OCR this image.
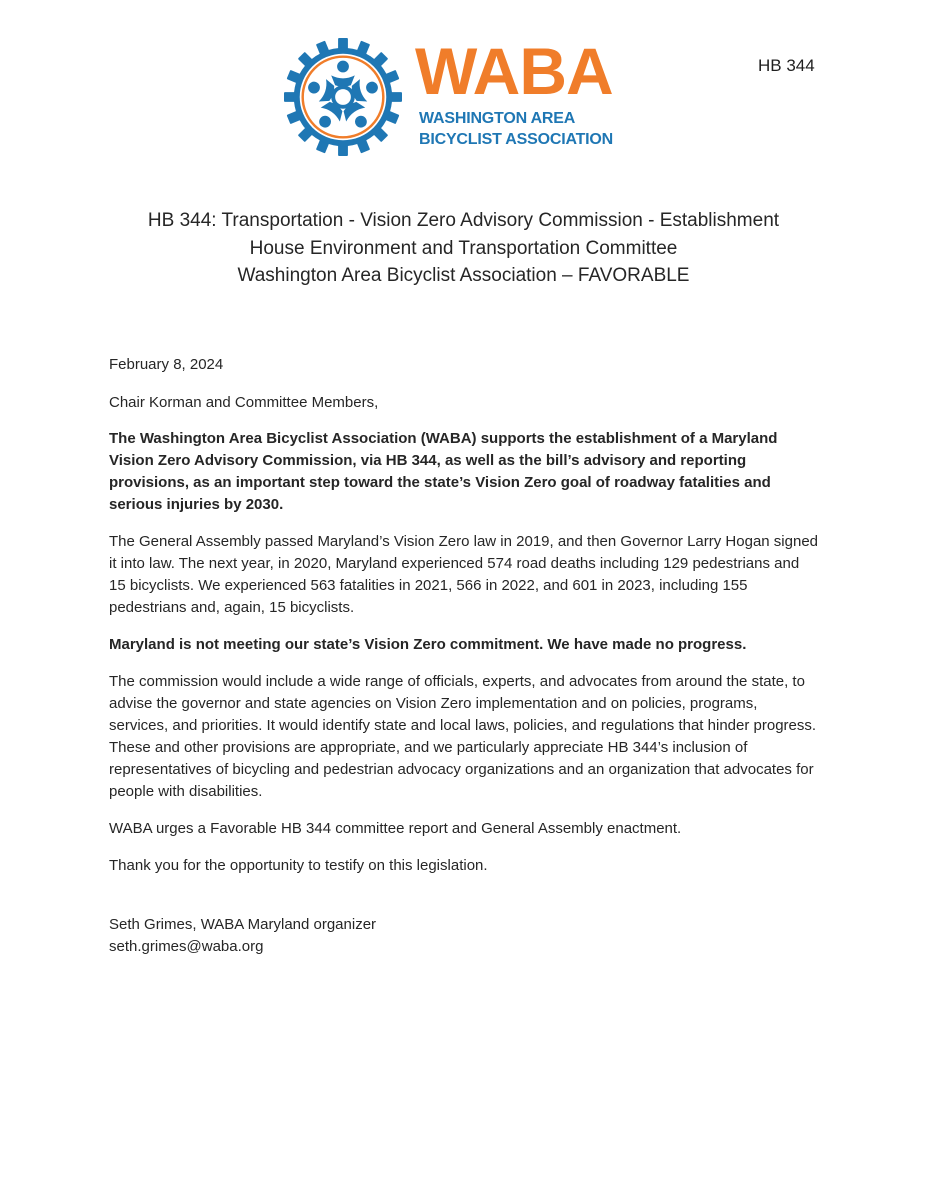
HB 344
WABA
WASHINGTON AREA
BICYCLIST ASSOCIATION
HB 344: Transportation - Vision Zero Advisory Commission - Establishment
House Environment and Transportation Committee
Washington Area Bicyclist Association – FAVORABLE
February 8, 2024
Chair Korman and Committee Members,

The Washington Area Bicyclist Association (WABA) supports the establishment of a Maryland Vision Zero Advisory Commission, via HB 344, as well as the bill’s advisory and reporting provisions, as an important step toward the state’s Vision Zero goal of roadway fatalities and serious injuries by 2030.

The General Assembly passed Maryland’s Vision Zero law in 2019, and then Governor Larry Hogan signed it into law. The next year, in 2020, Maryland experienced 574 road deaths including 129 pedestrians and 15 bicyclists. We experienced 563 fatalities in 2021, 566 in 2022, and 601 in 2023, including 155 pedestrians and, again, 15 bicyclists.

Maryland is not meeting our state’s Vision Zero commitment. We have made no progress.

The commission would include a wide range of officials, experts, and advocates from around the state, to advise the governor and state agencies on Vision Zero implementation and on policies, programs, services, and priorities. It would identify state and local laws, policies, and regulations that hinder progress. These and other provisions are appropriate, and we particularly appreciate HB 344’s inclusion of representatives of bicycling and pedestrian advocacy organizations and an organization that advocates for people with disabilities.

WABA urges a Favorable HB 344 committee report and General Assembly enactment.

Thank you for the opportunity to testify on this legislation.

Seth Grimes, WABA Maryland organizer

seth.grimes@waba.org
